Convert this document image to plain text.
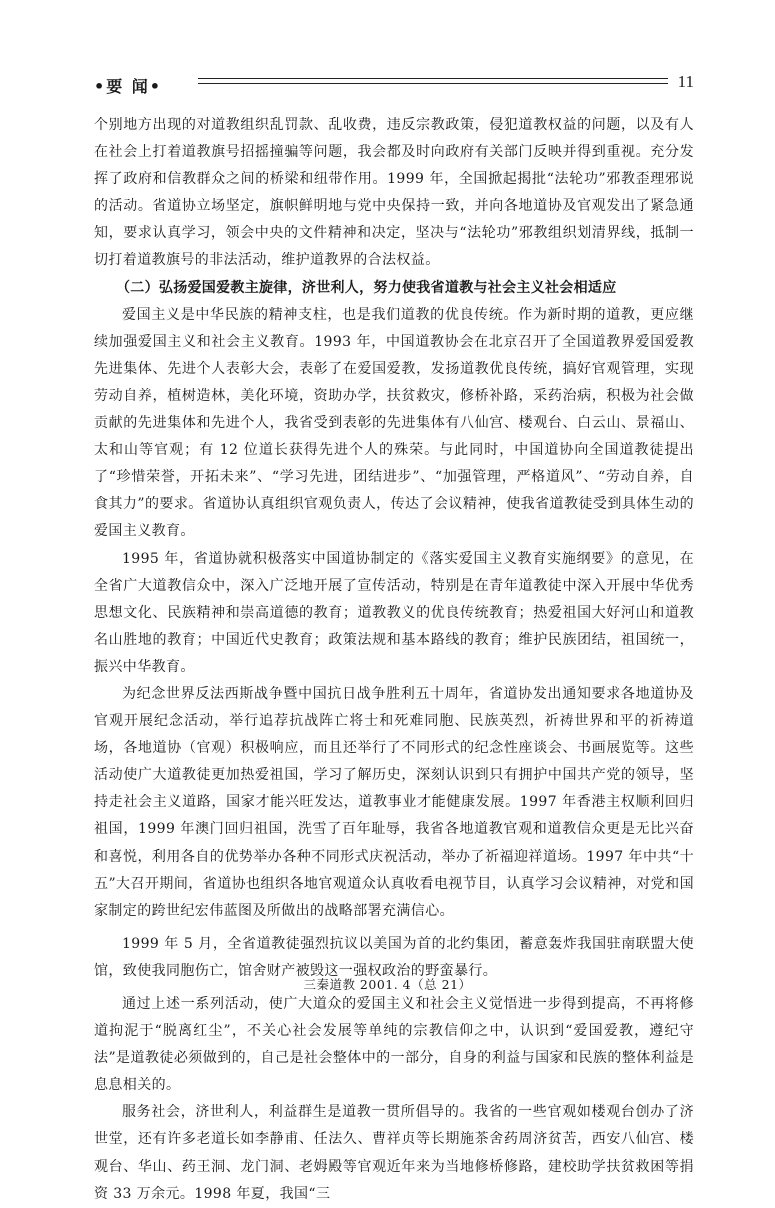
•要 闻•	11

个别地方出现的对道教组织乱罚款、乱收费，违反宗教政策，侵犯道教权益的问题，以及有人在社会上打着道教旗号招摇撞骗等问题，我会都及时向政府有关部门反映并得到重视。充分发挥了政府和信教群众之间的桥梁和纽带作用。1999 年，全国掀起揭批“法轮功”邪教歪理邪说的活动。省道协立场坚定，旗帜鲜明地与党中央保持一致，并向各地道协及官观发出了紧急通知，要求认真学习，领会中央的文件精神和决定，坚决与“法轮功”邪教组织划清界线，抵制一切打着道教旗号的非法活动，维护道教界的合法权益。

（二）弘扬爱国爱教主旋律，济世利人，努力使我省道教与社会主义社会相适应

爱国主义是中华民族的精神支柱，也是我们道教的优良传统。作为新时期的道教，更应继续加强爱国主义和社会主义教育。1993 年，中国道教协会在北京召开了全国道教界爱国爱教先进集体、先进个人表彰大会，表彰了在爱国爱教，发扬道教优良传统，搞好官观管理，实现劳动自养，植树造林，美化环境，资助办学，扶贫救灾，修桥补路，采药治病，积极为社会做贡献的先进集体和先进个人，我省受到表彰的先进集体有八仙宫、楼观台、白云山、景福山、太和山等官观；有 12 位道长获得先进个人的殊荣。与此同时，中国道协向全国道教徒提出了“珍惜荣誉，开拓未来”、“学习先进，团结进步”、“加强管理，严格道风”、“劳动自养，自食其力”的要求。省道协认真组织官观负责人，传达了会议精神，使我省道教徒受到具体生动的爱国主义教育。

1995 年，省道协就积极落实中国道协制定的《落实爱国主义教育实施纲要》的意见，在全省广大道教信众中，深入广泛地开展了宣传活动，特别是在青年道教徒中深入开展中华优秀思想文化、民族精神和崇高道德的教育；道教教义的优良传统教育；热爱祖国大好河山和道教名山胜地的教育；中国近代史教育；政策法规和基本路线的教育；维护民族团结，祖国统一，振兴中华教育。

为纪念世界反法西斯战争暨中国抗日战争胜利五十周年，省道协发出通知要求各地道协及官观开展纪念活动，举行追荐抗战阵亡将士和死难同胞、民族英烈，祈祷世界和平的祈祷道场，各地道协（官观）积极响应，而且还举行了不同形式的纪念性座谈会、书画展览等。这些活动使广大道教徒更加热爱祖国，学习了解历史，深刻认识到只有拥护中国共产党的领导，坚持走社会主义道路，国家才能兴旺发达，道教事业才能健康发展。1997 年香港主权顺利回归祖国，1999 年澳门回归祖国，洗雪了百年耻辱，我省各地道教官观和道教信众更是无比兴奋和喜悦，利用各自的优势举办各种不同形式庆祝活动，举办了祈福迎祥道场。1997 年中共“十五”大召开期间，省道协也组织各地官观道众认真收看电视节目，认真学习会议精神，对党和国家制定的跨世纪宏伟蓝图及所做出的战略部署充满信心。

1999 年 5 月，全省道教徒强烈抗议以美国为首的北约集团，蓄意轰炸我国驻南联盟大使馆，致使我同胞伤亡，馆舍财产被毁这一强权政治的野蛮暴行。

通过上述一系列活动，使广大道众的爱国主义和社会主义觉悟进一步得到提高，不再将修道拘泥于“脱离红尘”，不关心社会发展等单纯的宗教信仰之中，认识到“爱国爱教，遵纪守法”是道教徒必须做到的，自己是社会整体中的一部分，自身的利益与国家和民族的整体利益是息息相关的。

服务社会，济世利人，利益群生是道教一贯所倡导的。我省的一些官观如楼观台创办了济世堂，还有许多老道长如李静甫、任法久、曹祥贞等长期施茶舍药周济贫苦，西安八仙宫、楼观台、华山、药王洞、龙门洞、老姆殿等官观近年来为当地修桥修路，建校助学扶贫救困等捐资 33 万余元。1998 年夏，我国“三

三秦道教 2001. 4（总 21）
